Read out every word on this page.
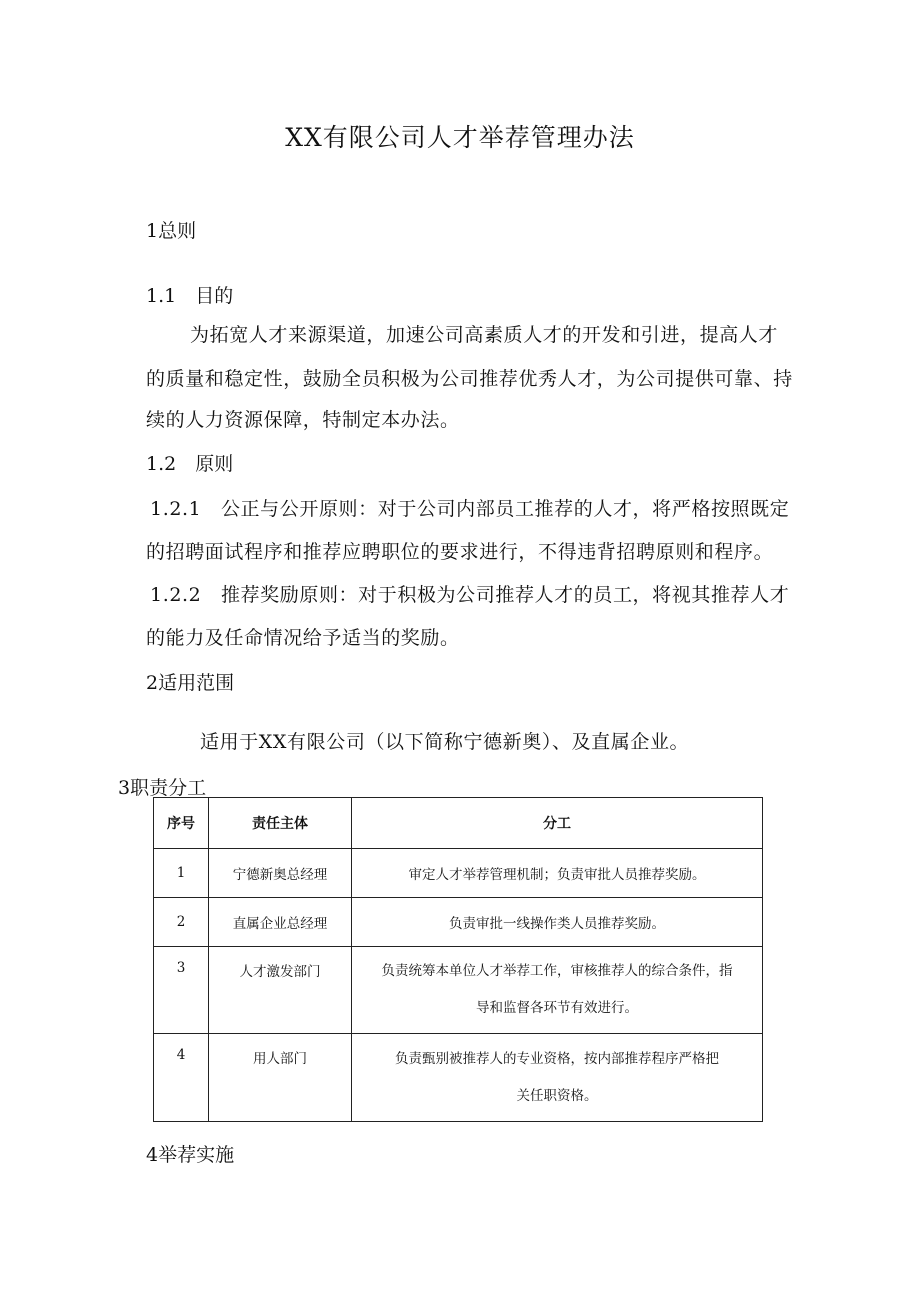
XX有限公司人才举荐管理办法
1总则
1.1　目的
为拓宽人才来源渠道，加速公司高素质人才的开发和引进，提高人才
的质量和稳定性，鼓励全员积极为公司推荐优秀人才，为公司提供可靠、持
续的人力资源保障，特制定本办法。
1.2　原则
1.2.1　公正与公开原则：对于公司内部员工推荐的人才，将严格按照既定
的招聘面试程序和推荐应聘职位的要求进行，不得违背招聘原则和程序。
1.2.2　推荐奖励原则：对于积极为公司推荐人才的员工，将视其推荐人才
的能力及任命情况给予适当的奖励。
2适用范围
适用于XX有限公司（以下简称宁德新奥）、及直属企业。
3职责分工
序号	责任主体	分工
1	宁德新奥总经理	审定人才举荐管理机制；负责审批人员推荐奖励。
2	直属企业总经理	负责审批一线操作类人员推荐奖励。
3	人才激发部门	负责统筹本单位人才举荐工作，审核推荐人的综合条件，指
导和监督各环节有效进行。

4	用人部门	负责甄别被推荐人的专业资格，按内部推荐程序严格把
关任职资格。
4举荐实施
